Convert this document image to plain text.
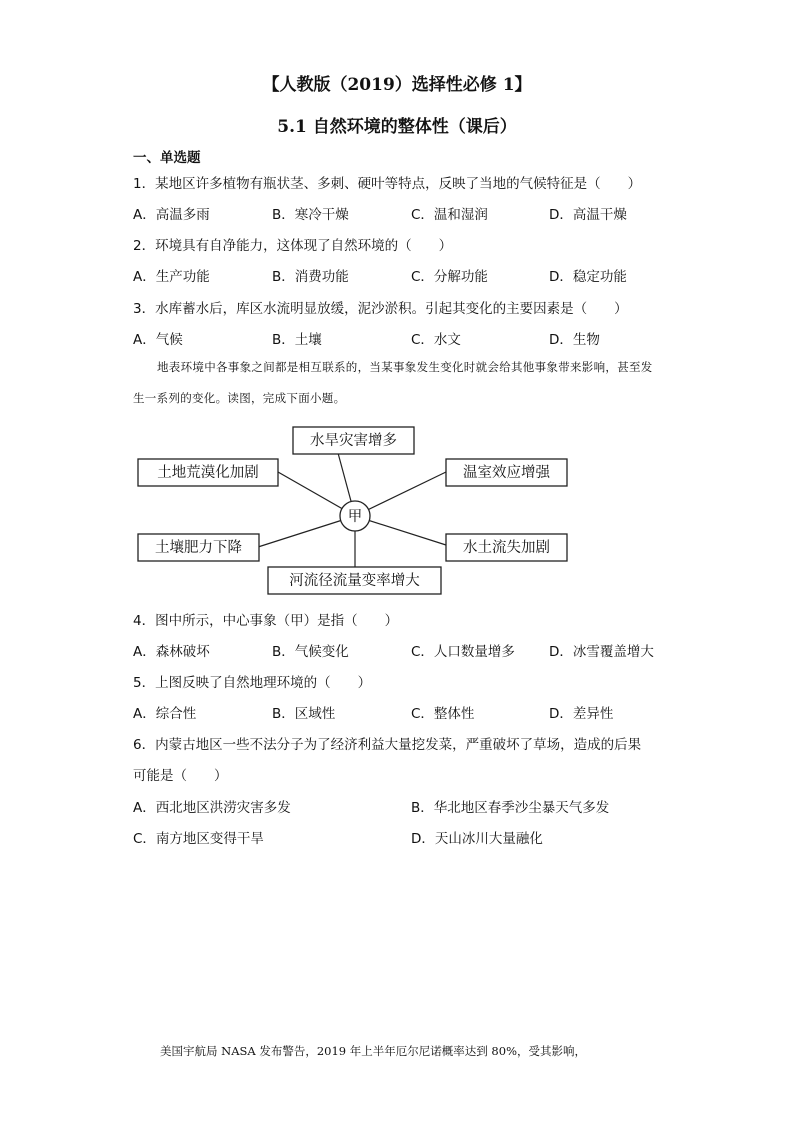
【人教版（2019）选择性必修 1】
5.1 自然环境的整体性（课后）
一、单选题
1．某地区许多植物有瓶状茎、多刺、硬叶等特点，反映了当地的气候特征是（　　）
A．高温多雨	B．寒冷干燥	C．温和湿润	D．高温干燥
2．环境具有自净能力，这体现了自然环境的（　　）
A．生产功能	B．消费功能	C．分解功能	D．稳定功能
3．水库蓄水后，库区水流明显放缓，泥沙淤积。引起其变化的主要因素是（　　）
A．气候	B．土壤	C．水文	D．生物
地表环境中各事象之间都是相互联系的，当某事象发生变化时就会给其他事象带来影响，甚至发生一系列的变化。读图，完成下面小题。
甲
水旱灾害增多
温室效应增强
水土流失加剧
河流径流量变率增大
土壤肥力下降
土地荒漠化加剧
4．图中所示，中心事象（甲）是指（　　）
A．森林破坏	B．气候变化	C．人口数量增多	D．冰雪覆盖增大
5．上图反映了自然地理环境的（　　）
A．综合性	B．区域性	C．整体性	D．差异性
6．内蒙古地区一些不法分子为了经济利益大量挖发菜，严重破坏了草场，造成的后果
可能是（　　）
A．西北地区洪涝灾害多发	B．华北地区春季沙尘暴天气多发
C．南方地区变得干旱	D．天山冰川大量融化
美国宇航局 NASA 发布警告，2019 年上半年厄尔尼诺概率达到 80%，受其影响，
